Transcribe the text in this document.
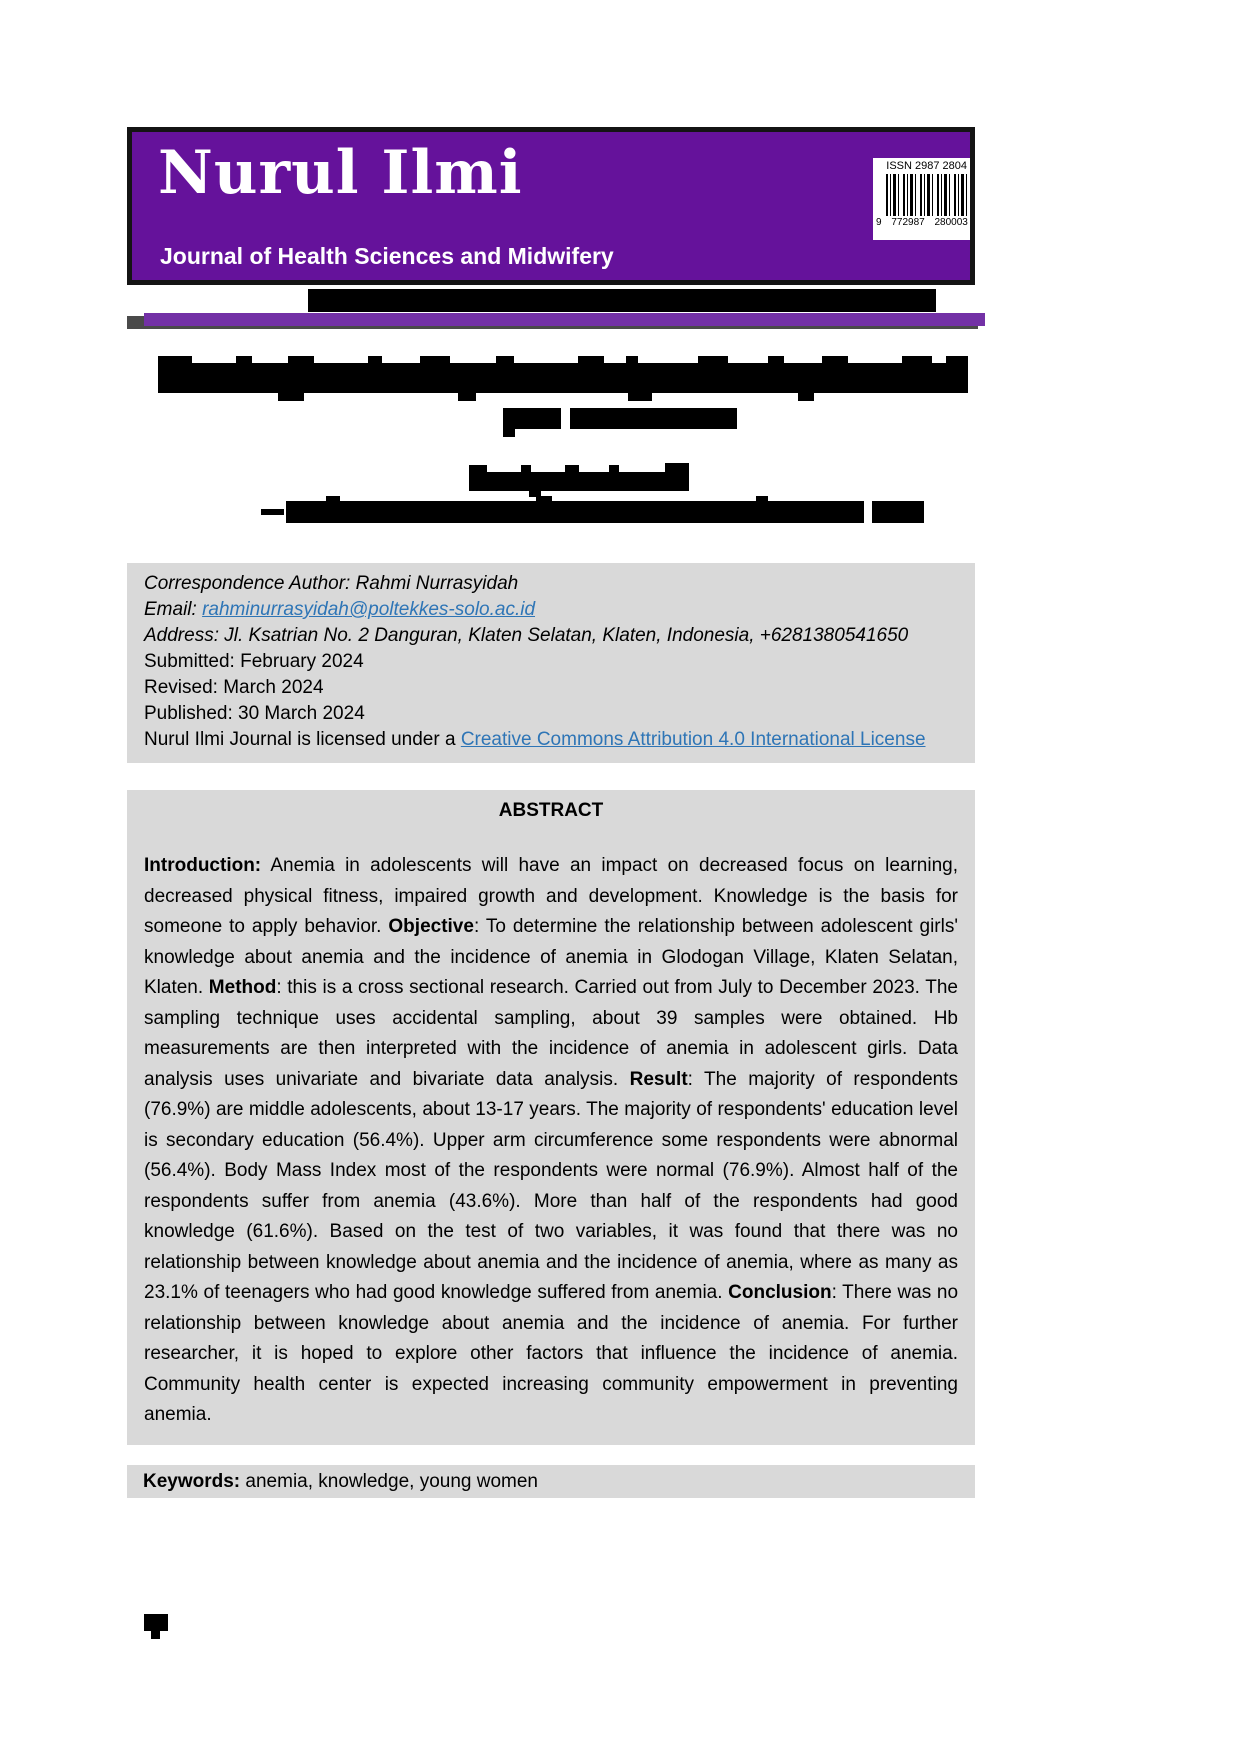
Nurul Ilmi
Journal of Health Sciences and Midwifery
ISSN 2987 2804
9 772987 280003
Correspondence Author: Rahmi Nurrasyidah
Email: rahminurrasyidah@poltekkes-solo.ac.id
Address: Jl. Ksatrian No. 2 Danguran, Klaten Selatan, Klaten, Indonesia, +6281380541650
Submitted: February 2024
Revised: March 2024
Published: 30 March 2024
Nurul Ilmi Journal is licensed under a Creative Commons Attribution 4.0 International License
ABSTRACT
Introduction: Anemia in adolescents will have an impact on decreased focus on learning, decreased physical fitness, impaired growth and development. Knowledge is the basis for someone to apply behavior. Objective: To determine the relationship between adolescent girls' knowledge about anemia and the incidence of anemia in Glodogan Village, Klaten Selatan, Klaten. Method: this is a cross sectional research. Carried out from July to December 2023. The sampling technique uses accidental sampling, about 39 samples were obtained. Hb measurements are then interpreted with the incidence of anemia in adolescent girls. Data analysis uses univariate and bivariate data analysis. Result: The majority of respondents (76.9%) are middle adolescents, about 13-17 years. The majority of respondents' education level is secondary education (56.4%). Upper arm circumference some respondents were abnormal (56.4%). Body Mass Index most of the respondents were normal (76.9%). Almost half of the respondents suffer from anemia (43.6%). More than half of the respondents had good knowledge (61.6%). Based on the test of two variables, it was found that there was no relationship between knowledge about anemia and the incidence of anemia, where as many as 23.1% of teenagers who had good knowledge suffered from anemia. Conclusion: There was no relationship between knowledge about anemia and the incidence of anemia. For further researcher, it is hoped to explore other factors that influence the incidence of anemia. Community health center is expected increasing community empowerment in preventing anemia.
Keywords: anemia, knowledge, young women
